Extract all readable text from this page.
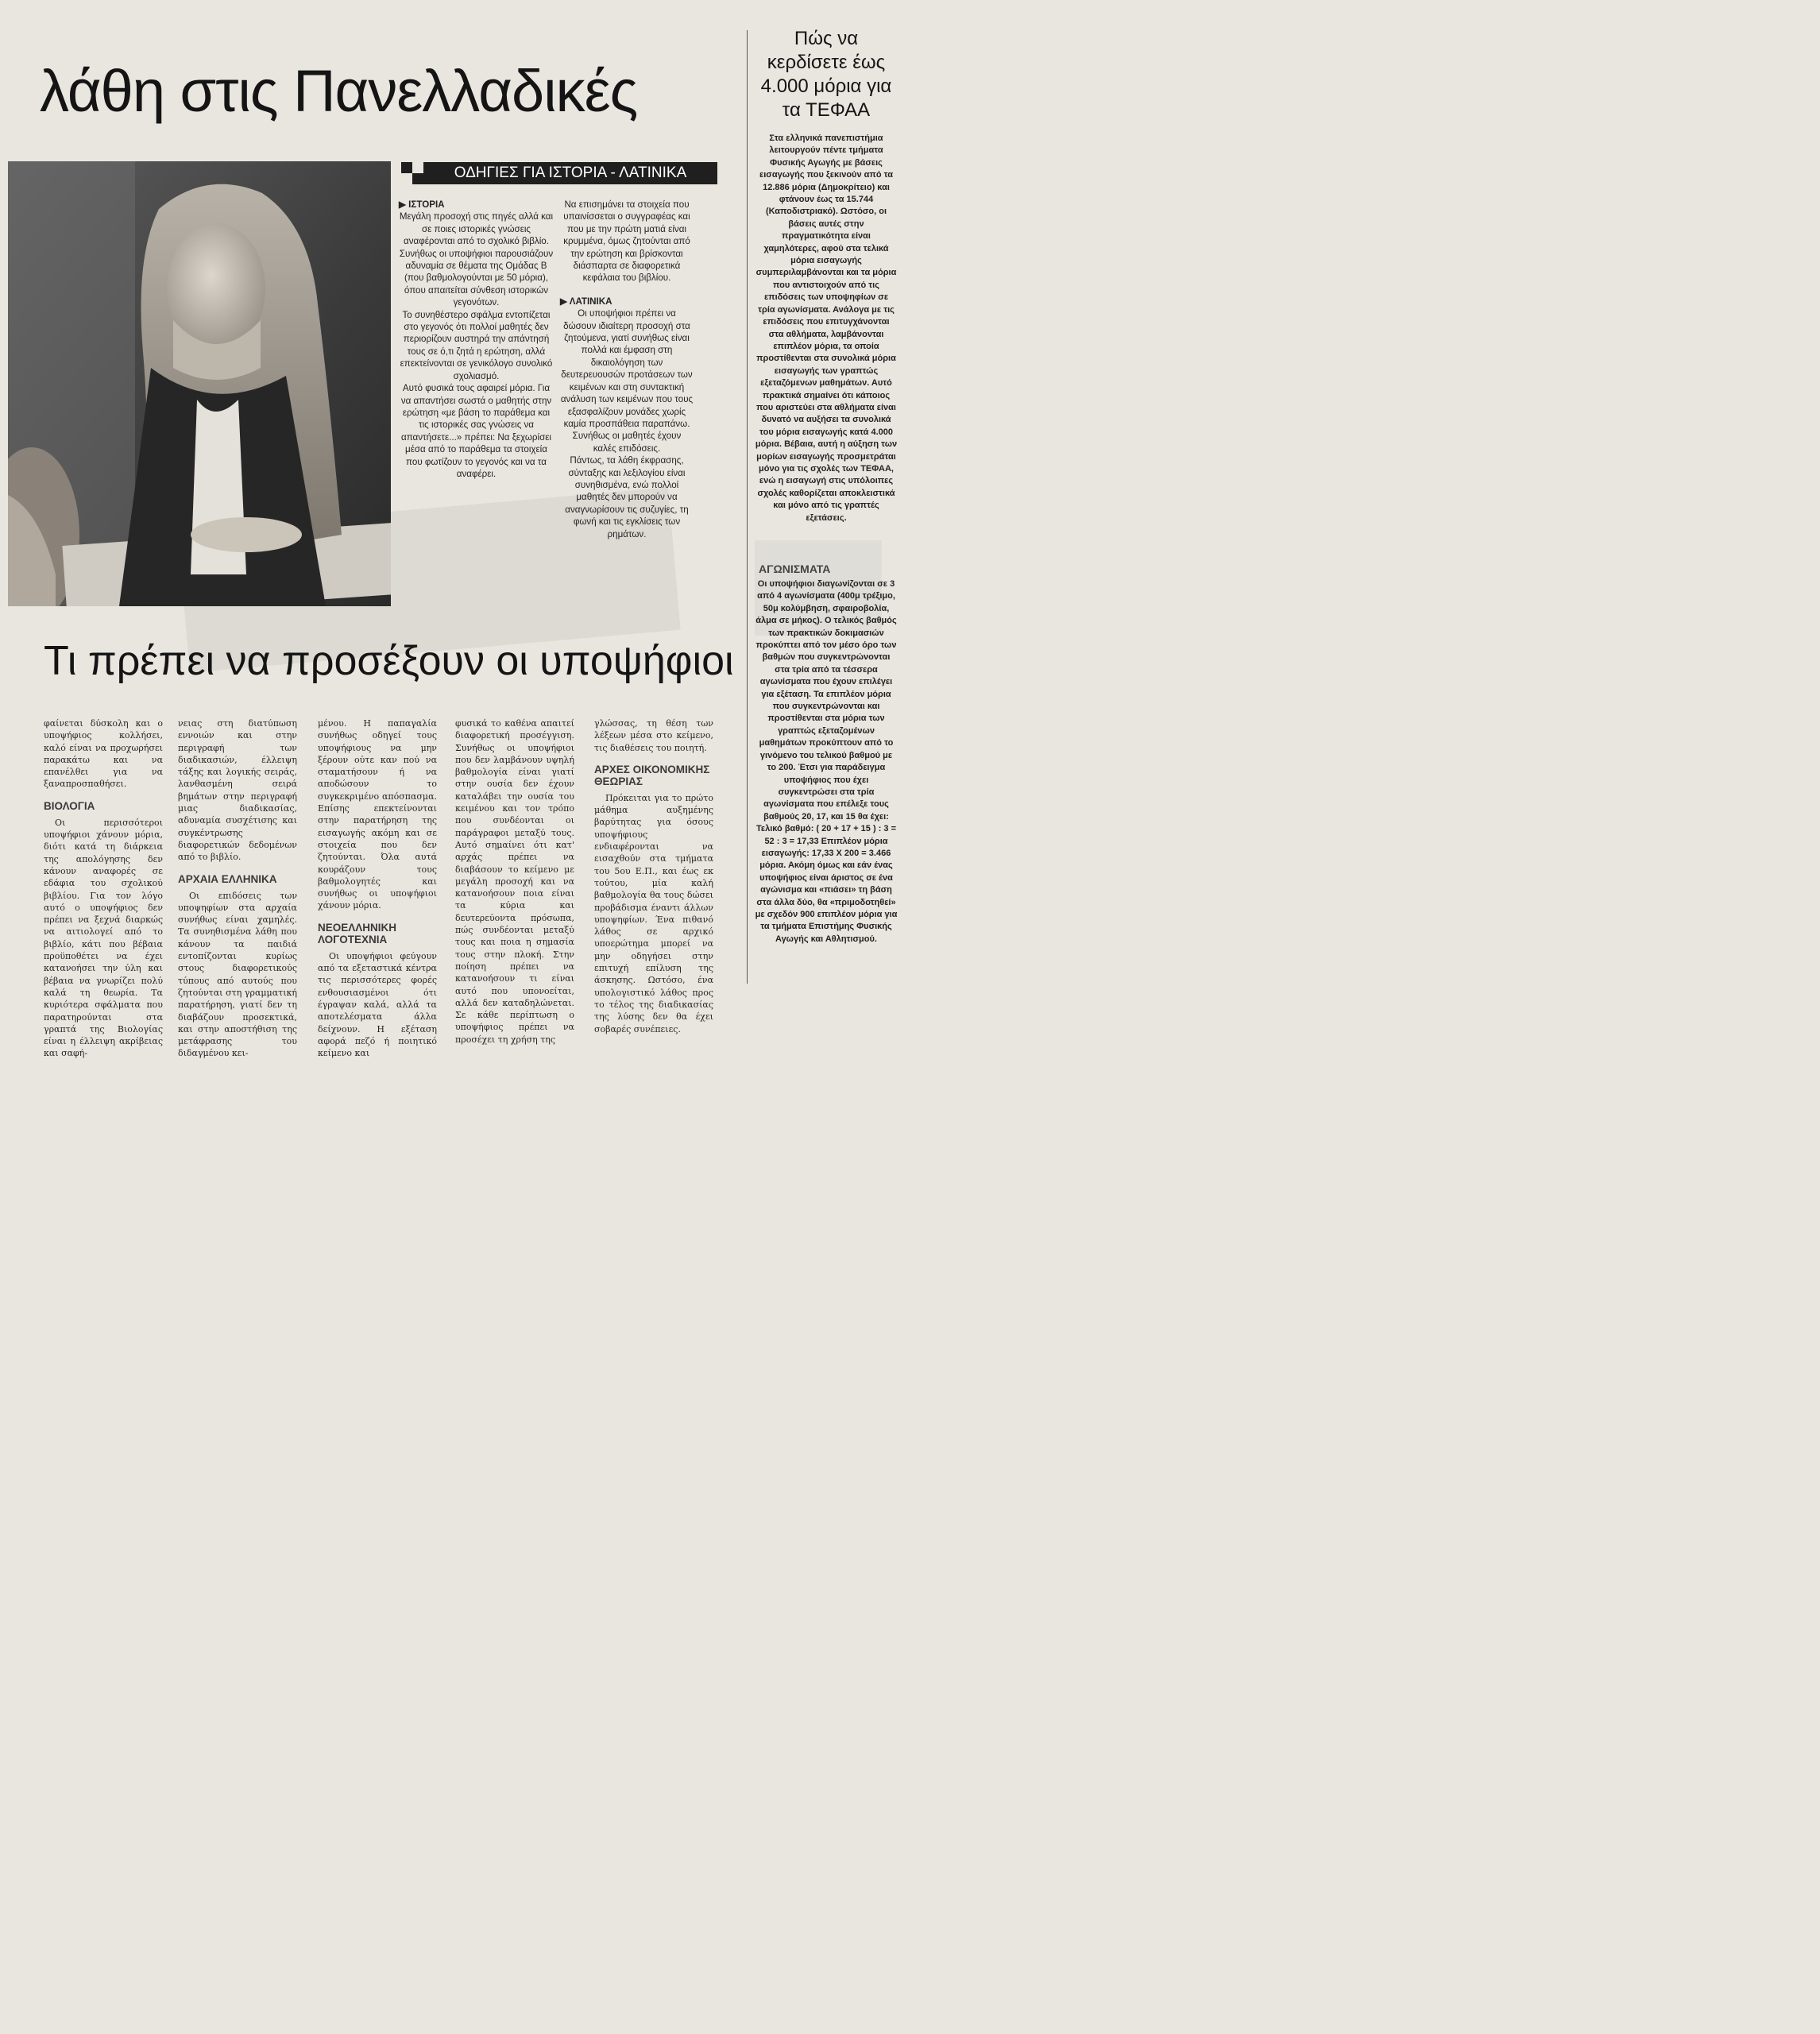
λάθη στις Πανελλαδικές
ΟΔΗΓΙΕΣ ΓΙΑ ΙΣΤΟΡΙΑ - ΛΑΤΙΝΙΚΑ

▶ ΙΣΤΟΡΙΑ

Μεγάλη προσοχή στις πηγές αλλά και σε ποιες ιστορικές γνώσεις αναφέρονται από το σχολικό βιβλίο.

Συνήθως οι υποψήφιοι παρουσιάζουν αδυναμία σε θέματα της Ομάδας Β (που βαθμολογούνται με 50 μόρια), όπου απαιτείται σύνθεση ιστορικών γεγονότων.

Το συνηθέστερο σφάλμα εντοπίζεται στο γεγονός ότι πολλοί μαθητές δεν περιορίζουν αυστηρά την απάντησή τους σε ό,τι ζητά η ερώτηση, αλλά επεκτείνονται σε γενικόλογο συνολικό σχολιασμό.

Αυτό φυσικά τους αφαιρεί μόρια. Για να απαντήσει σωστά ο μαθητής στην ερώτηση «με βάση το παράθεμα και τις ιστορικές σας γνώσεις να απαντήσετε...» πρέπει: Να ξεχωρίσει μέσα από το παράθεμα τα στοιχεία που φωτίζουν το γεγονός και να τα αναφέρει.

Να επισημάνει τα στοιχεία που υπαινίσσεται ο συγγραφέας και που με την πρώτη ματιά είναι κρυμμένα, όμως ζητούνται από την ερώτηση και βρίσκονται διάσπαρτα σε διαφορετικά κεφάλαια του βιβλίου.

▶ ΛΑΤΙΝΙΚΑ

Οι υποψήφιοι πρέπει να δώσουν ιδιαίτερη προσοχή στα ζητούμενα, γιατί συνήθως είναι πολλά και έμφαση στη δικαιολόγηση των δευτερευουσών προτάσεων των κειμένων και στη συντακτική ανάλυση των κειμένων που τους εξασφαλίζουν μονάδες χωρίς καμία προσπάθεια παραπάνω. Συνήθως οι μαθητές έχουν καλές επιδόσεις.

Πάντως, τα λάθη έκφρασης, σύνταξης και λεξιλογίου είναι συνηθισμένα, ενώ πολλοί μαθητές δεν μπορούν να αναγνωρίσουν τις συζυγίες, τη φωνή και τις εγκλίσεις των ρημάτων.

Τι πρέπει να προσέξουν οι υποψήφιοι

φαίνεται δύσκολη και ο υποψήφιος κολλήσει, καλό είναι να προχωρήσει παρακάτω και να επανέλθει για να ξαναπροσπαθήσει.

ΒΙΟΛΟΓΙΑ

Οι περισσότεροι υποψήφιοι χάνουν μόρια, διότι κατά τη διάρκεια της απολόγησης δεν κάνουν αναφορές σε εδάφια του σχολικού βιβλίου. Για τον λόγο αυτό ο υποψήφιος δεν πρέπει να ξεχνά διαρκώς να αιτιολογεί από το βιβλίο, κάτι που βέβαια προϋποθέτει να έχει κατανοήσει την ύλη και βέβαια να γνωρίζει πολύ καλά τη θεωρία. Τα κυριότερα σφάλματα που παρατηρούνται στα γραπτά της Βιολογίας είναι η έλλειψη ακρίβειας και σαφή-

νειας στη διατύπωση εννοιών και στην περιγραφή των διαδικασιών, έλλειψη τάξης και λογικής σειράς, λανθασμένη σειρά βημάτων στην περιγραφή μιας διαδικασίας, αδυναμία συσχέτισης και συγκέντρωσης διαφορετικών δεδομένων από το βιβλίο.

ΑΡΧΑΙΑ ΕΛΛΗΝΙΚΑ

Οι επιδόσεις των υποψηφίων στα αρχαία συνήθως είναι χαμηλές. Τα συνηθισμένα λάθη που κάνουν τα παιδιά εντοπίζονται κυρίως στους διαφορετικούς τύπους από αυτούς που ζητούνται στη γραμματική παρατήρηση, γιατί δεν τη διαβάζουν προσεκτικά, και στην αποστήθιση της μετάφρασης του διδαγμένου κει-

μένου. Η παπαγαλία συνήθως οδηγεί τους υποψήφιους να μην ξέρουν ούτε καν πού να σταματήσουν ή να αποδώσουν το συγκεκριμένο απόσπασμα. Επίσης επεκτείνονται στην παρατήρηση της εισαγωγής ακόμη και σε στοιχεία που δεν ζητούνται. Όλα αυτά κουράζουν τους βαθμολογητές και συνήθως οι υποψήφιοι χάνουν μόρια.

ΝΕΟΕΛΛΗΝΙΚΗ ΛΟΓΟΤΕΧΝΙΑ

Οι υποψήφιοι φεύγουν από τα εξεταστικά κέντρα τις περισσότερες φορές ενθουσιασμένοι ότι έγραψαν καλά, αλλά τα αποτελέσματα άλλα δείχνουν. Η εξέταση αφορά πεζό ή ποιητικό κείμενο και

φυσικά το καθένα απαιτεί διαφορετική προσέγγιση. Συνήθως οι υποψήφιοι που δεν λαμβάνουν υψηλή βαθμολογία είναι γιατί στην ουσία δεν έχουν καταλάβει την ουσία του κειμένου και τον τρόπο που συνδέονται οι παράγραφοι μεταξύ τους. Αυτό σημαίνει ότι κατ' αρχάς πρέπει να διαβάσουν το κείμενο με μεγάλη προσοχή και να κατανοήσουν ποια είναι τα κύρια και δευτερεύοντα πρόσωπα, πώς συνδέονται μεταξύ τους και ποια η σημασία τους στην πλοκή. Στην ποίηση πρέπει να κατανοήσουν τι είναι αυτό που υπονοείται, αλλά δεν καταδηλώνεται. Σε κάθε περίπτωση ο υποψήφιος πρέπει να προσέχει τη χρήση της

γλώσσας, τη θέση των λέξεων μέσα στο κείμενο, τις διαθέσεις του ποιητή.

ΑΡΧΕΣ ΟΙΚΟΝΟΜΙΚΗΣ ΘΕΩΡΙΑΣ

Πρόκειται για το πρώτο μάθημα αυξημένης βαρύτητας για όσους υποψήφιους ενδιαφέρονται να εισαχθούν στα τμήματα του 5ου Ε.Π., και έως εκ τούτου, μία καλή βαθμολογία θα τους δώσει προβάδισμα έναντι άλλων υποψηφίων. Ένα πιθανό λάθος σε αρχικό υποερώτημα μπορεί να μην οδηγήσει στην επιτυχή επίλυση της άσκησης. Ωστόσο, ένα υπολογιστικό λάθος προς το τέλος της διαδικασίας της λύσης δεν θα έχει σοβαρές συνέπειες.

Πώς να κερδίσετε έως 4.000 μόρια για τα ΤΕΦΑΑ

Στα ελληνικά πανεπιστήμια λειτουργούν πέντε τμήματα Φυσικής Αγωγής με βάσεις εισαγωγής που ξεκινούν από τα 12.886 μόρια (Δημοκρίτειο) και φτάνουν έως τα 15.744 (Καποδιστριακό). Ωστόσο, οι βάσεις αυτές στην πραγματικότητα είναι χαμηλότερες, αφού στα τελικά μόρια εισαγωγής συμπεριλαμβάνονται και τα μόρια που αντιστοιχούν από τις επιδόσεις των υποψηφίων σε τρία αγωνίσματα. Ανάλογα με τις επιδόσεις που επιτυγχάνονται στα αθλήματα, λαμβάνονται επιπλέον μόρια, τα οποία προστίθενται στα συνολικά μόρια εισαγωγής των γραπτώς εξεταζόμενων μαθημάτων. Αυτό πρακτικά σημαίνει ότι κάποιος που αριστεύει στα αθλήματα είναι δυνατό να αυξήσει τα συνολικά του μόρια εισαγωγής κατά 4.000 μόρια. Βέβαια, αυτή η αύξηση των μορίων εισαγωγής προσμετράται μόνο για τις σχολές των ΤΕΦΑΑ, ενώ η εισαγωγή στις υπόλοιπες σχολές καθορίζεται αποκλειστικά και μόνο από τις γραπτές εξετάσεις.

ΑΓΩΝΙΣΜΑΤΑ

Οι υποψήφιοι διαγωνίζονται σε 3 από 4 αγωνίσματα (400μ τρέξιμο, 50μ κολύμβηση, σφαιροβολία, άλμα σε μήκος). Ο τελικός βαθμός των πρακτικών δοκιμασιών προκύπτει από τον μέσο όρο των βαθμών που συγκεντρώνονται στα τρία από τα τέσσερα αγωνίσματα που έχουν επιλέγει για εξέταση. Τα επιπλέον μόρια που συγκεντρώνονται και προστίθενται στα μόρια των γραπτώς εξεταζομένων μαθημάτων προκύπτουν από το γινόμενο του τελικού βαθμού με το 200. Έτσι για παράδειγμα υποψήφιος που έχει συγκεντρώσει στα τρία αγωνίσματα που επέλεξε τους βαθμούς 20, 17, και 15 θα έχει: Τελικό βαθμό: ( 20 + 17 + 15 ) : 3 = 52 : 3 = 17,33 Επιπλέον μόρια εισαγωγής: 17,33 Χ 200 = 3.466 μόρια. Ακόμη όμως και εάν ένας υποψήφιος είναι άριστος σε ένα αγώνισμα και «πιάσει» τη βάση στα άλλα δύο, θα «πριμοδοτηθεί» με σχεδόν 900 επιπλέον μόρια για τα τμήματα Επιστήμης Φυσικής Αγωγής και Αθλητισμού.
